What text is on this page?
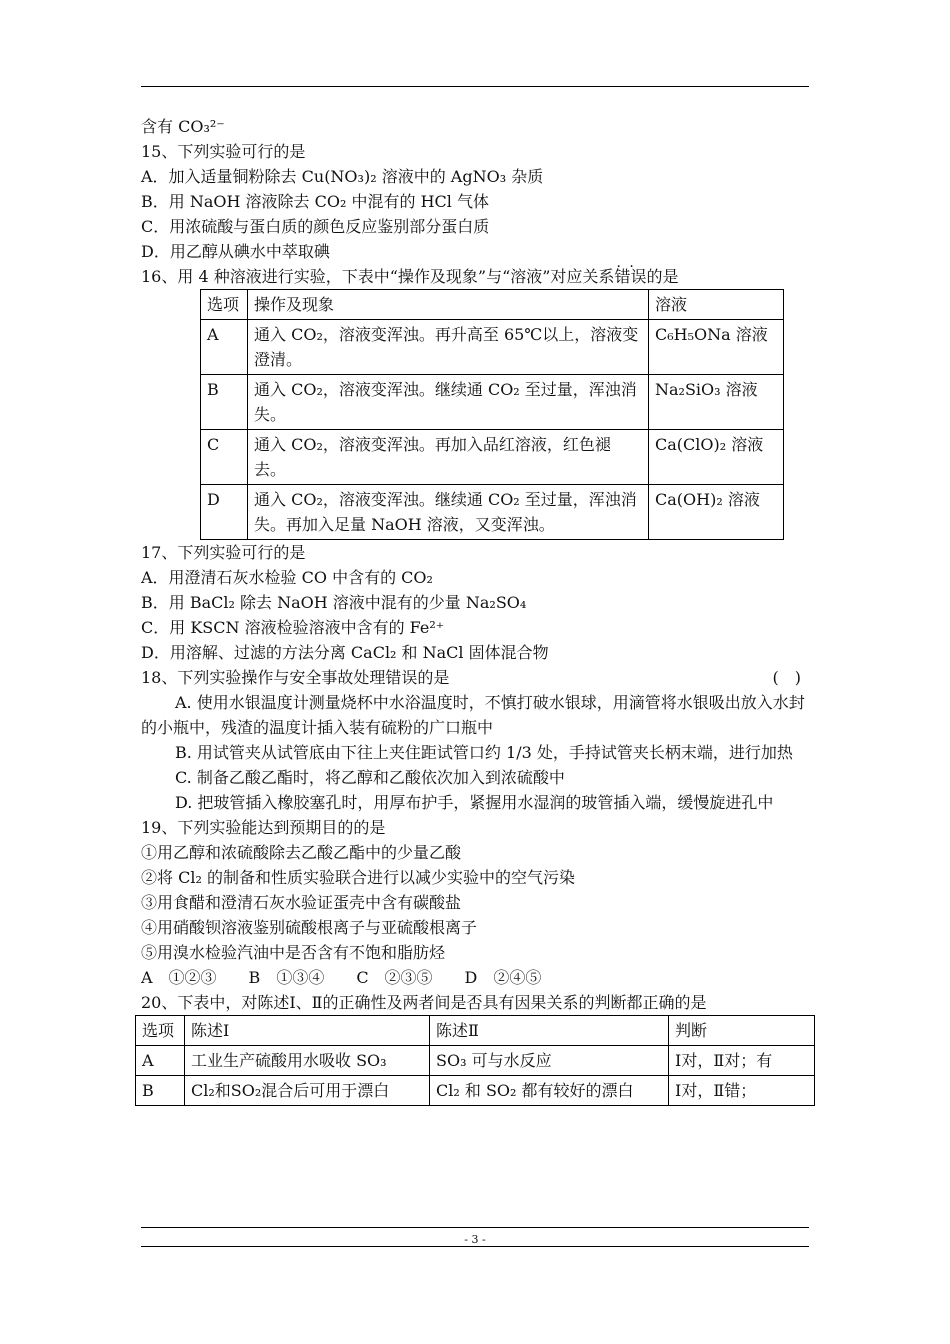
含有 CO₃²⁻
15、下列实验可行的是
A．加入适量铜粉除去 Cu(NO₃)₂ 溶液中的 AgNO₃ 杂质
B．用 NaOH 溶液除去 CO₂ 中混有的 HCl 气体
C．用浓硫酸与蛋白质的颜色反应鉴别部分蛋白质
D．用乙醇从碘水中萃取碘
16、用 4 种溶液进行实验，下表中“操作及现象”与“溶液”对应关系错误 · ·的是
选项	操作及现象	溶液
A	通入 CO₂，溶液变浑浊。再升高至 65℃以上，溶液变澄清。	C₆H₅ONa 溶液
B	通入 CO₂，溶液变浑浊。继续通 CO₂ 至过量，浑浊消失。	Na₂SiO₃ 溶液
C	通入 CO₂，溶液变浑浊。再加入品红溶液，红色褪去。	Ca(ClO)₂ 溶液
D	通入 CO₂，溶液变浑浊。继续通 CO₂ 至过量，浑浊消失。再加入足量 NaOH 溶液，又变浑浊。	Ca(OH)₂ 溶液
17、下列实验可行的是
A．用澄清石灰水检验 CO 中含有的 CO₂
B．用 BaCl₂ 除去 NaOH 溶液中混有的少量 Na₂SO₄
C．用 KSCN 溶液检验溶液中含有的 Fe²⁺
D．用溶解、过滤的方法分离 CaCl₂ 和 NaCl 固体混合物
18、下列实验操作与安全事故处理错误的是	(　)
A. 使用水银温度计测量烧杯中水浴温度时，不慎打破水银球，用滴管将水银吸出放入水封的小瓶中，残渣的温度计插入装有硫粉的广口瓶中
B. 用试管夹从试管底由下往上夹住距试管口约 1/3 处，手持试管夹长柄末端，进行加热
C. 制备乙酸乙酯时，将乙醇和乙酸依次加入到浓硫酸中
D. 把玻管插入橡胶塞孔时，用厚布护手，紧握用水湿润的玻管插入端，缓慢旋进孔中
19、下列实验能达到预期目的的是
①用乙醇和浓硫酸除去乙酸乙酯中的少量乙酸
②将 Cl₂ 的制备和性质实验联合进行以减少实验中的空气污染
③用食醋和澄清石灰水验证蛋壳中含有碳酸盐
④用硝酸钡溶液鉴别硫酸根离子与亚硫酸根离子
⑤用溴水检验汽油中是否含有不饱和脂肪烃
A　①②③　　B　①③④　　C　②③⑤　　D　②④⑤
20、下表中，对陈述Ⅰ、Ⅱ的正确性及两者间是否具有因果关系的判断都正确的是
选项	陈述Ⅰ	陈述Ⅱ	判断
A	工业生产硫酸用水吸收 SO₃	SO₃ 可与水反应	Ⅰ对，Ⅱ对；有
B	Cl₂和SO₂混合后可用于漂白	Cl₂ 和 SO₂ 都有较好的漂白	Ⅰ对，Ⅱ错；
- 3 -
